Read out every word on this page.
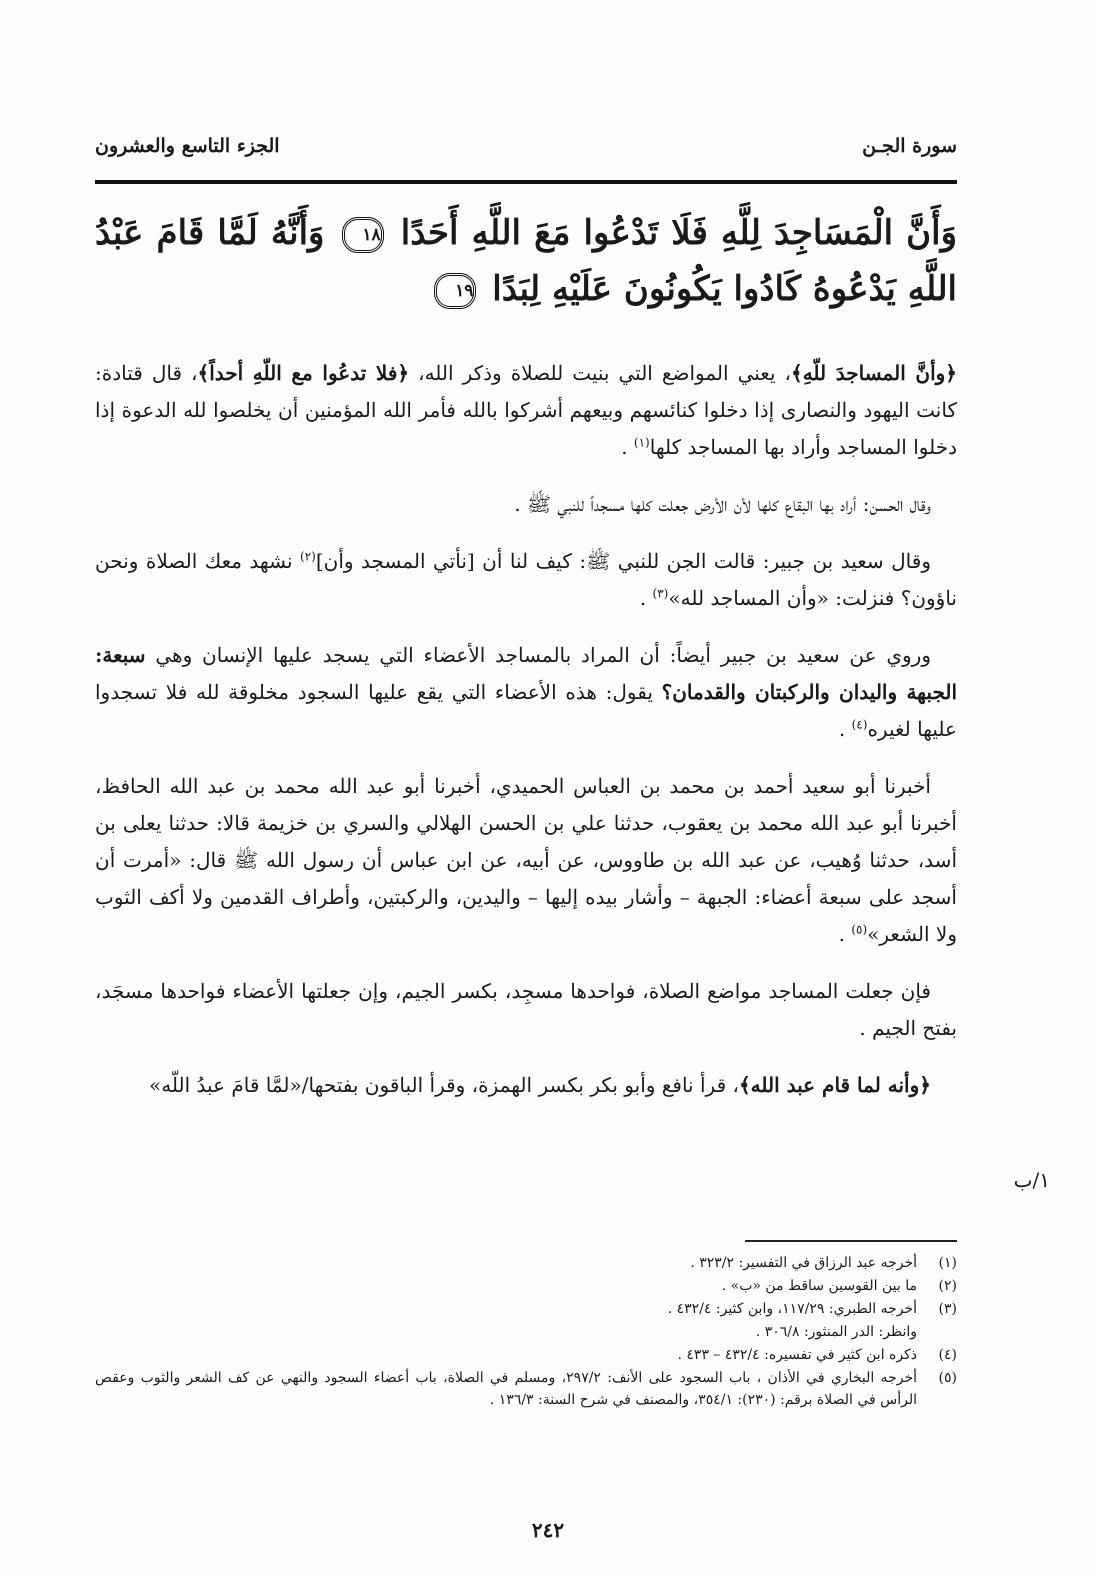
الجزء التاسع والعشرون	سورة الجـن
وَأَنَّ الْمَسَاجِدَ لِلَّهِ فَلَا تَدْعُوا مَعَ اللَّهِ أَحَدًا ١٨ وَأَنَّهُ لَمَّا قَامَ عَبْدُ اللَّهِ يَدْعُوهُ كَادُوا يَكُونُونَ عَلَيْهِ لِبَدًا ١٩

﴿وأنَّ المساجدَ للّهِ﴾، يعني المواضع التي بنيت للصلاة وذكر الله، ﴿فلا تدعُوا مع اللّهِ أحداً﴾، قال قتادة: كانت اليهود والنصارى إذا دخلوا كنائسهم وبيعهم أشركوا بالله فأمر الله المؤمنين أن يخلصوا لله الدعوة إذا دخلوا المساجد وأراد بها المساجد كلها$^{(١)}$ .

وقال الحسن: أراد بها البقاع كلها لأن الأرض جعلت كلها مسجداً للنبي ﷺ .

وقال سعيد بن جبير: قالت الجن للنبي ﷺ: كيف لنا أن [نأتي المسجد وأن]$^{(٢)}$ نشهد معك الصلاة ونحن ناؤون؟ فنزلت: «وأن المساجد لله»$^{(٣)}$ .

وروي عن سعيد بن جبير أيضاً: أن المراد بالمساجد الأعضاء التي يسجد عليها الإنسان وهي سبعة: الجبهة واليدان والركبتان والقدمان؟ يقول: هذه الأعضاء التي يقع عليها السجود مخلوقة لله فلا تسجدوا عليها لغيره$^{(٤)}$ .

أخبرنا أبو سعيد أحمد بن محمد بن العباس الحميدي، أخبرنا أبو عبد الله محمد بن عبد الله الحافظ، أخبرنا أبو عبد الله محمد بن يعقوب، حدثنا علي بن الحسن الهلالي والسري بن خزيمة قالا: حدثنا يعلى بن أسد، حدثنا وُهيب، عن عبد الله بن طاووس، عن أبيه، عن ابن عباس أن رسول الله ﷺ قال: «أمرت أن أسجد على سبعة أعضاء: الجبهة – وأشار بيده إليها – واليدين، والركبتين، وأطراف القدمين ولا أكف الثوب ولا الشعر»$^{(٥)}$ .

فإن جعلت المساجد مواضع الصلاة، فواحدها مسجِد، بكسر الجيم، وإن جعلتها الأعضاء فواحدها مسجَد، بفتح الجيم .

﴿وأنه لما قام عبد الله﴾، قرأ نافع وأبو بكر بكسر الهمزة، وقرأ الباقون بفتحها/«لمَّا قامَ عبدُ اللّه»

١/ب
(١)
أخرجه عبد الرزاق في التفسير: ٣٢٣/٢ .
(٢)
ما بين القوسين ساقط من «ب» .
(٣)
أخرجه الطبري: ١١٧/٢٩، وابن كثير: ٤٣٢/٤ .
وانظر: الدر المنثور: ٣٠٦/٨ .
(٤)
ذكره ابن كثير في تفسيره: ٤٣٢/٤ – ٤٣٣ .
(٥)
أخرجه البخاري في الأذان ، باب السجود على الأنف: ٢٩٧/٢، ومسلم في الصلاة، باب أعضاء السجود والنهي عن كف الشعر والثوب وعقص الرأس في الصلاة برقم: (٢٣٠): ٣٥٤/١، والمصنف في شرح السنة: ١٣٦/٣ .
٢٤٢
